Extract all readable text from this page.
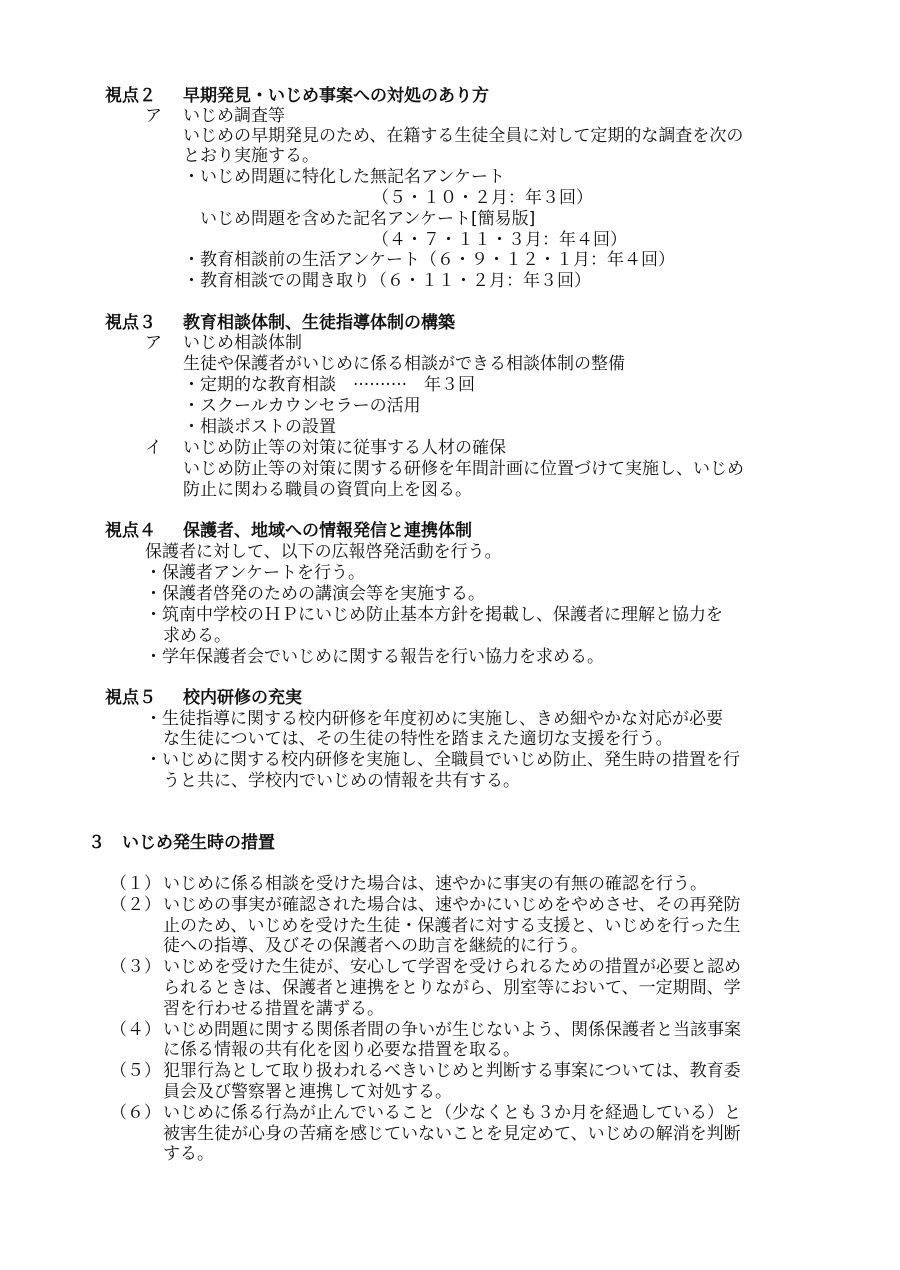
視点２ 早期発見・いじめ事案への対処のあり方
ア いじめ調査等
いじめの早期発見のため、在籍する生徒全員に対して定期的な調査を次の
とおり実施する。
・いじめ問題に特化した無記名アンケート
（５・１０・２月：年３回）
いじめ問題を含めた記名アンケート[簡易版]
（４・７・１１・３月：年４回）
・教育相談前の生活アンケート（６・９・１２・１月：年４回）
・教育相談での聞き取り（６・１１・２月：年３回）
視点３ 教育相談体制、生徒指導体制の構築
ア いじめ相談体制
生徒や保護者がいじめに係る相談ができる相談体制の整備
・定期的な教育相談　··········　年３回
・スクールカウンセラーの活用
・相談ポストの設置
イ いじめ防止等の対策に従事する人材の確保
いじめ防止等の対策に関する研修を年間計画に位置づけて実施し、いじめ
防止に関わる職員の資質向上を図る。
視点４ 保護者、地域への情報発信と連携体制
保護者に対して、以下の広報啓発活動を行う。
・保護者アンケートを行う。
・保護者啓発のための講演会等を実施する。
・筑南中学校のＨＰにいじめ防止基本方針を掲載し、保護者に理解と協力を
求める。
・学年保護者会でいじめに関する報告を行い協力を求める。
視点５ 校内研修の充実
・生徒指導に関する校内研修を年度初めに実施し、きめ細やかな対応が必要
な生徒については、その生徒の特性を踏まえた適切な支援を行う。
・いじめに関する校内研修を実施し、全職員でいじめ防止、発生時の措置を行
うと共に、学校内でいじめの情報を共有する。
３　いじめ発生時の措置
（１） いじめに係る相談を受けた場合は、速やかに事実の有無の確認を行う。
（２） いじめの事実が確認された場合は、速やかにいじめをやめさせ、その再発防
止のため、いじめを受けた生徒・保護者に対する支援と、いじめを行った生
徒への指導、及びその保護者への助言を継続的に行う。
（３） いじめを受けた生徒が、安心して学習を受けられるための措置が必要と認め
られるときは、保護者と連携をとりながら、別室等において、一定期間、学
習を行わせる措置を講ずる。
（４） いじめ問題に関する関係者間の争いが生じないよう、関係保護者と当該事案
に係る情報の共有化を図り必要な措置を取る。
（５） 犯罪行為として取り扱われるべきいじめと判断する事案については、教育委
員会及び警察署と連携して対処する。
（６） いじめに係る行為が止んでいること（少なくとも３か月を経過している）と
被害生徒が心身の苦痛を感じていないことを見定めて、いじめの解消を判断
する。
